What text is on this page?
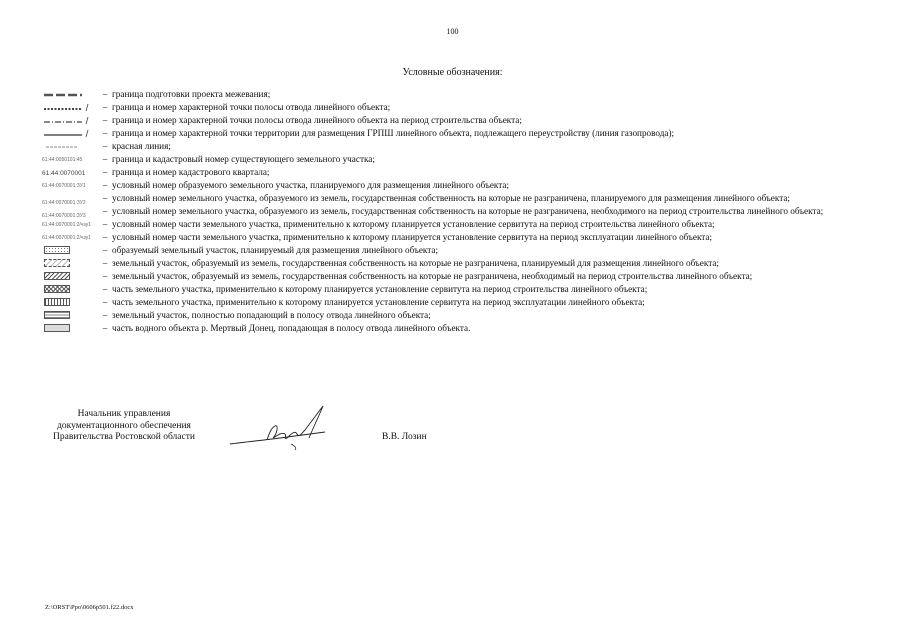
100
Условные обозначения:
– граница подготовки проекта межевания;
– граница и номер характерной точки полосы отвода линейного объекта;
– граница и номер характерной точки полосы отвода линейного объекта на период строительства объекта;
– граница и номер характерной точки территории для размещения ГРПШ линейного объекта, подлежащего переустройству (линия газопровода);
– красная линия;
61:44:0050101:45	– граница и кадастровый номер существующего земельного участка;
61:44:0070001	– граница и номер кадастрового квартала;
61:44:0070001:ЗУ1	– условный номер образуемого земельного участка, планируемого для размещения линейного объекта;
61:44:0070001:ЗУ2	– условный номер земельного участка, образуемого из земель, государственная собственность на которые не разграничена, планируемого для размещения линейного объекта;
61:44:0070001:ЗУ3	– условный номер земельного участка, образуемого из земель, государственная собственность на которые не разграничена, необходимого на период строительства линейного объекта;
61:44:0070001:2/чзу1	– условный номер части земельного участка, применительно к которому планируется установление сервитута на период строительства линейного объекта;
61:44:0070001:2/чзу1	– условный номер части земельного участка, применительно к которому планируется установление сервитута на период эксплуатации линейного объекта;
– образуемый земельный участок, планируемый для размещения линейного объекта;
– земельный участок, образуемый из земель, государственная собственность на которые не разграничена, планируемый для размещения линейного объекта;
– земельный участок, образуемый из земель, государственная собственность на которые не разграничена, необходимый на период строительства линейного объекта;
– часть земельного участка, применительно к которому планируется установление сервитута на период строительства линейного объекта;
– часть земельного участка, применительно к которому планируется установление сервитута на период эксплуатации линейного объекта;
– земельный участок, полностью попадающий в полосу отвода линейного объекта;
– часть водного объекта р. Мертвый Донец, попадающая в полосу отвода линейного объекта.
Начальник управления
документационного обеспечения
Правительства Ростовской области	В.В. Лозин
Z:\ORST\Ppo\0606p501.f22.docx
